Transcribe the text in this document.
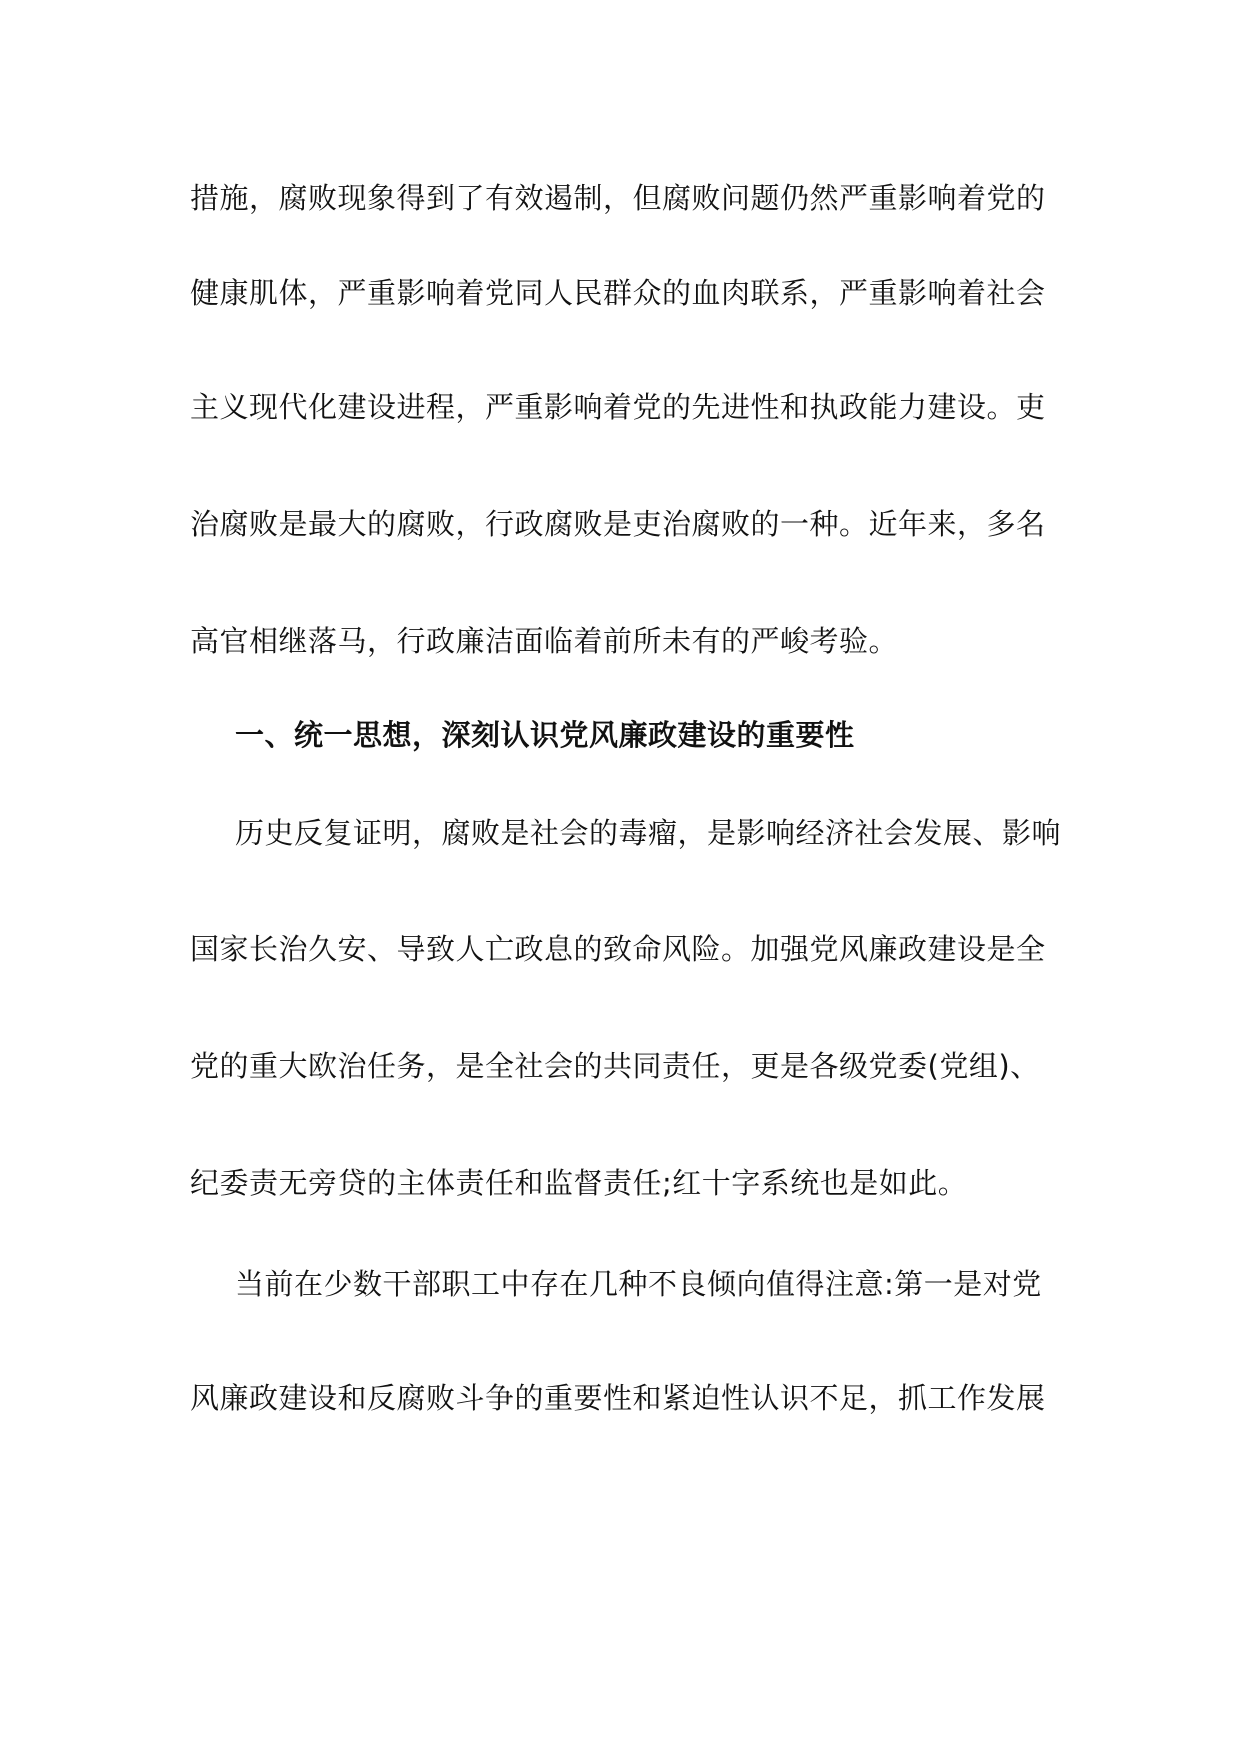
措施，腐败现象得到了有效遏制，但腐败问题仍然严重影响着党的
健康肌体，严重影响着党同人民群众的血肉联系，严重影响着社会
主义现代化建设进程，严重影响着党的先进性和执政能力建设。吏
治腐败是最大的腐败，行政腐败是吏治腐败的一种。近年来，多名
高官相继落马，行政廉洁面临着前所未有的严峻考验。
一、统一思想，深刻认识党风廉政建设的重要性
历史反复证明，腐败是社会的毒瘤，是影响经济社会发展、影响
国家长治久安、导致人亡政息的致命风险。加强党风廉政建设是全
党的重大欧治任务，是全社会的共同责任，更是各级党委(党组)、
纪委责无旁贷的主体责任和监督责任;红十字系统也是如此。
当前在少数干部职工中存在几种不良倾向值得注意:第一是对党
风廉政建设和反腐败斗争的重要性和紧迫性认识不足，抓工作发展
